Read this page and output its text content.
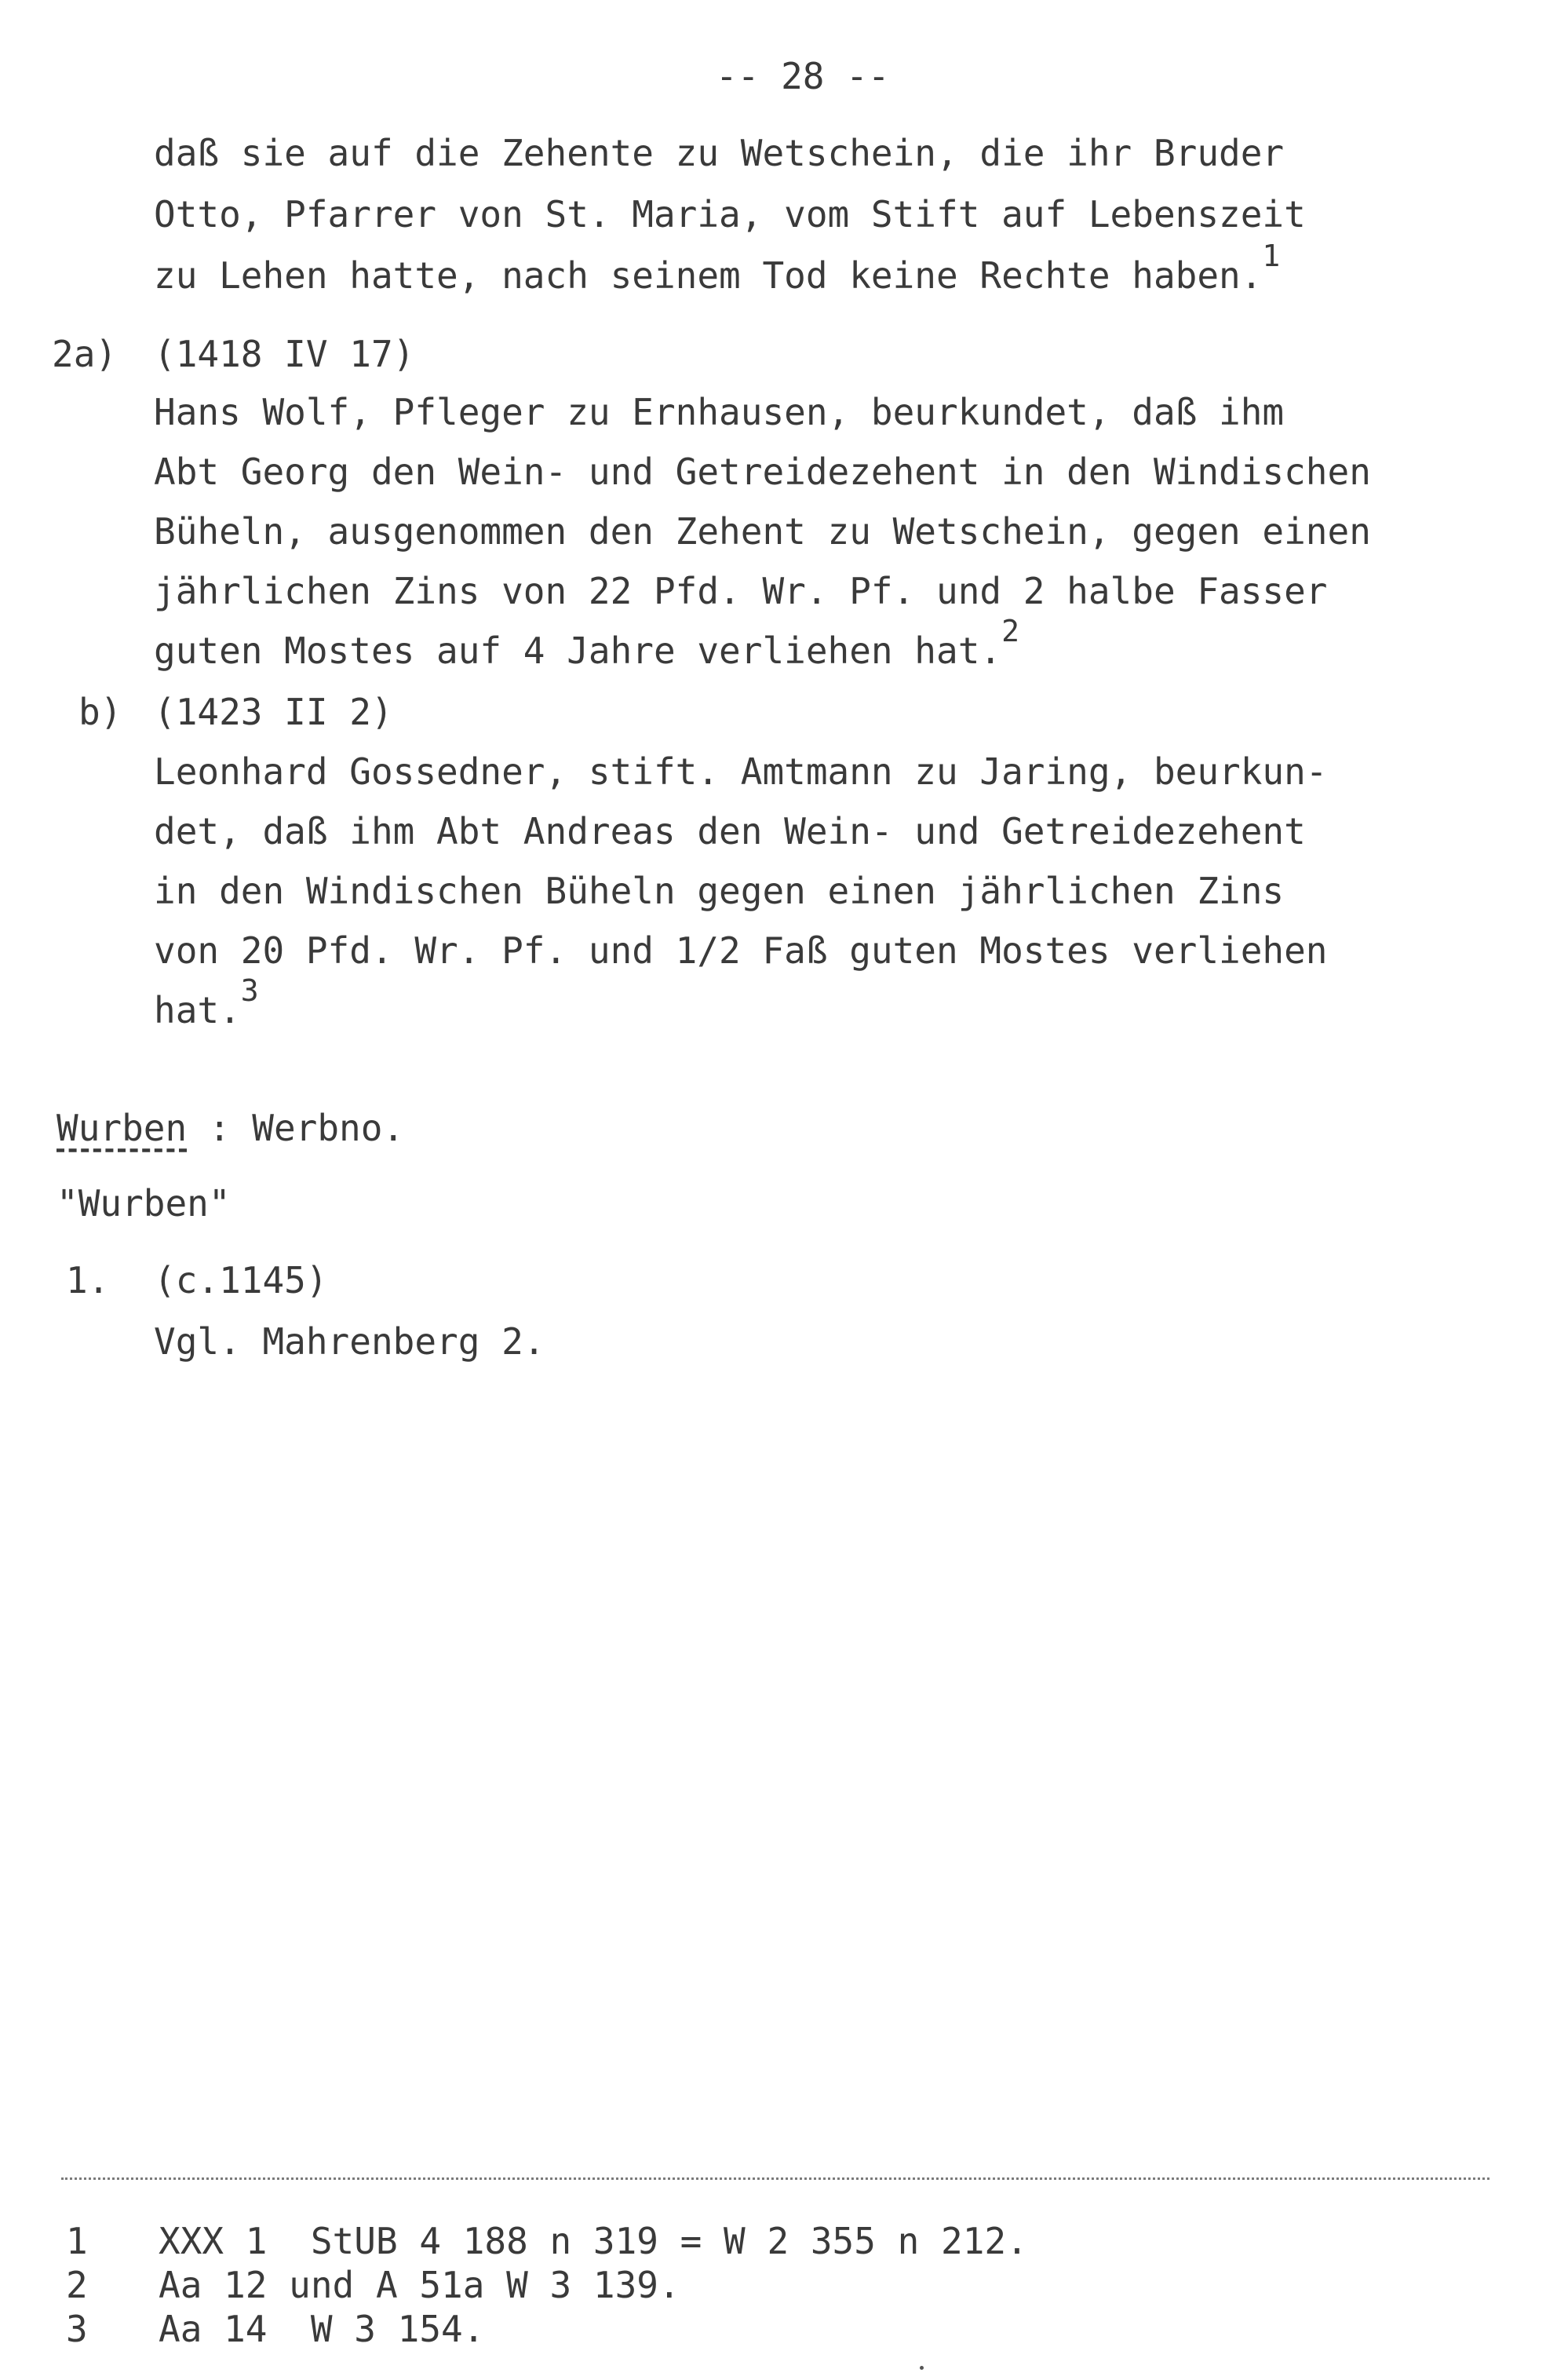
-- 28 --
daß sie auf die Zehente zu Wetschein, die ihr Bruder
Otto, Pfarrer von St. Maria, vom Stift auf Lebenszeit
zu Lehen hatte, nach seinem Tod keine Rechte haben.$^1$
2a) (1418 IV 17)
Hans Wolf, Pfleger zu Ernhausen, beurkundet, daß ihm
Abt Georg den Wein- und Getreidezehent in den Windischen
Büheln, ausgenommen den Zehent zu Wetschein, gegen einen
jährlichen Zins von 22 Pfd. Wr. Pf. und 2 halbe Fasser
guten Mostes auf 4 Jahre verliehen hat.$^2$
b) (1423 II 2)
Leonhard Gossedner, stift. Amtmann zu Jaring, beurkun-
det, daß ihm Abt Andreas den Wein- und Getreidezehent
in den Windischen Büheln gegen einen jährlichen Zins
von 20 Pfd. Wr. Pf. und 1/2 Faß guten Mostes verliehen
hat.$^3$
Wurben : Werbno.
"Wurben"
1. (c.1145)
Vgl. Mahrenberg 2.
1 XXX 1  StUB 4 188 n 319 = W 2 355 n 212.
2 Aa 12 und A 51a W 3 139.
3 Aa 14  W 3 154.
